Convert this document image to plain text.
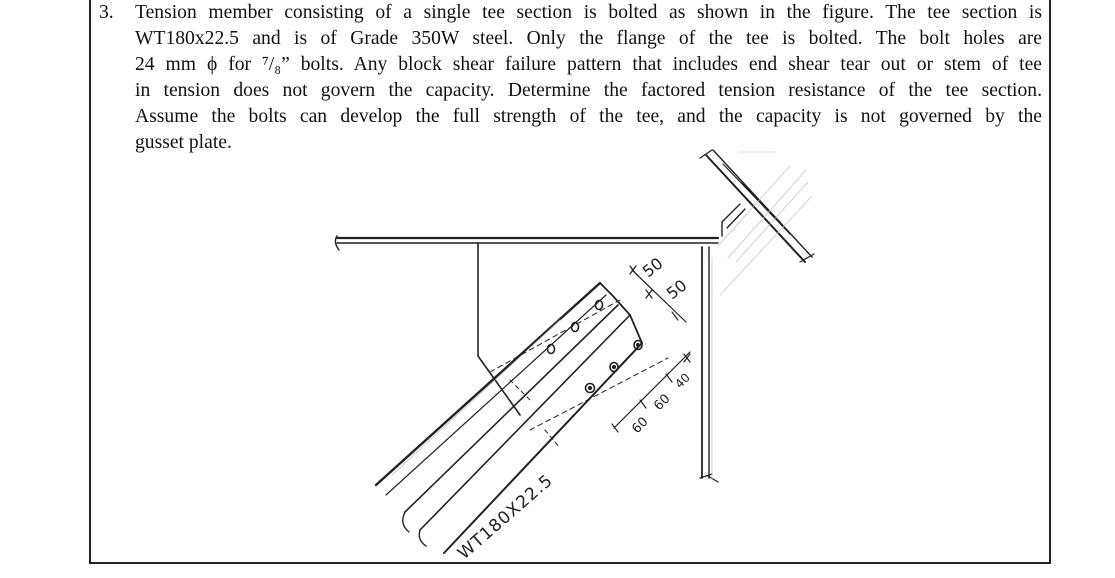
3. Tension member consisting of a single tee section is bolted as shown in the figure. The tee section is
WT180x22.5 and is of Grade 350W steel. Only the flange of the tee is bolted. The bolt holes are
24 mm ϕ for ⁷/₈” bolts. Any block shear failure pattern that includes end shear tear out or stem of tee
in tension does not govern the capacity. Determine the factored tension resistance of the tee section.
Assume the bolts can develop the full strength of the tee, and the capacity is not governed by the
gusset plate.
50
50
60
60
40
WT180X22.5
